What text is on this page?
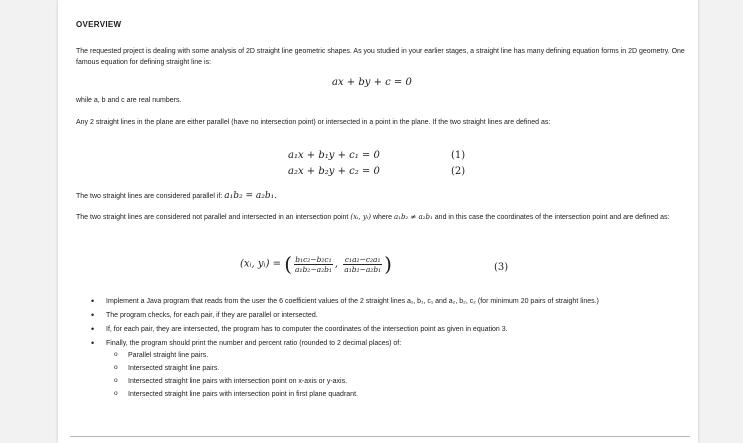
OVERVIEW
The requested project is dealing with some analysis of 2D straight line geometric shapes. As you studied in your earlier stages, a straight line has many defining equation forms in 2D geometry. One famous equation for defining straight line is:
ax + by + c = 0
while a, b and c are real numbers.
Any 2 straight lines in the plane are either parallel (have no intersection point) or intersected in a point in the plane. If the two straight lines are defined as:
a₁x + b₁y + c₁ = 0	(1)
a₂x + b₂y + c₂ = 0	(2)
The two straight lines are considered parallel if: a₁b₂ = a₂b₁.
The two straight lines are considered not parallel and intersected in an intersection point (xᵢ, yᵢ) where a₁b₂ ≠ a₂b₁ and in this case the coordinates of the intersection point and are defined as:
(xᵢ, yᵢ) = ( $\frac{\text{b₁c₂−b₂c₁}}{\text{a₁b₂−a₂b₁}}$ , $\frac{\text{c₁a₂−c₂a₁}}{\text{a₁b₂−a₂b₁}}$ )	(3)
• Implement a Java program that reads from the user the 6 coefficient values of the 2 straight lines a₁, b₁, c₁ and a₂, b₂, c₂ (for minimum 20 pairs of straight lines.)
• The program checks, for each pair, if they are parallel or intersected.
• If, for each pair, they are intersected, the program has to computer the coordinates of the intersection point as given in equation 3.
• Finally, the program should print the number and percent ratio (rounded to 2 decimal places) of:
o Parallel straight line pairs.
o Intersected straight line pairs.
o Intersected straight line pairs with intersection point on x-axis or y-axis.
o Intersected straight line pairs with intersection point in first plane quadrant.
